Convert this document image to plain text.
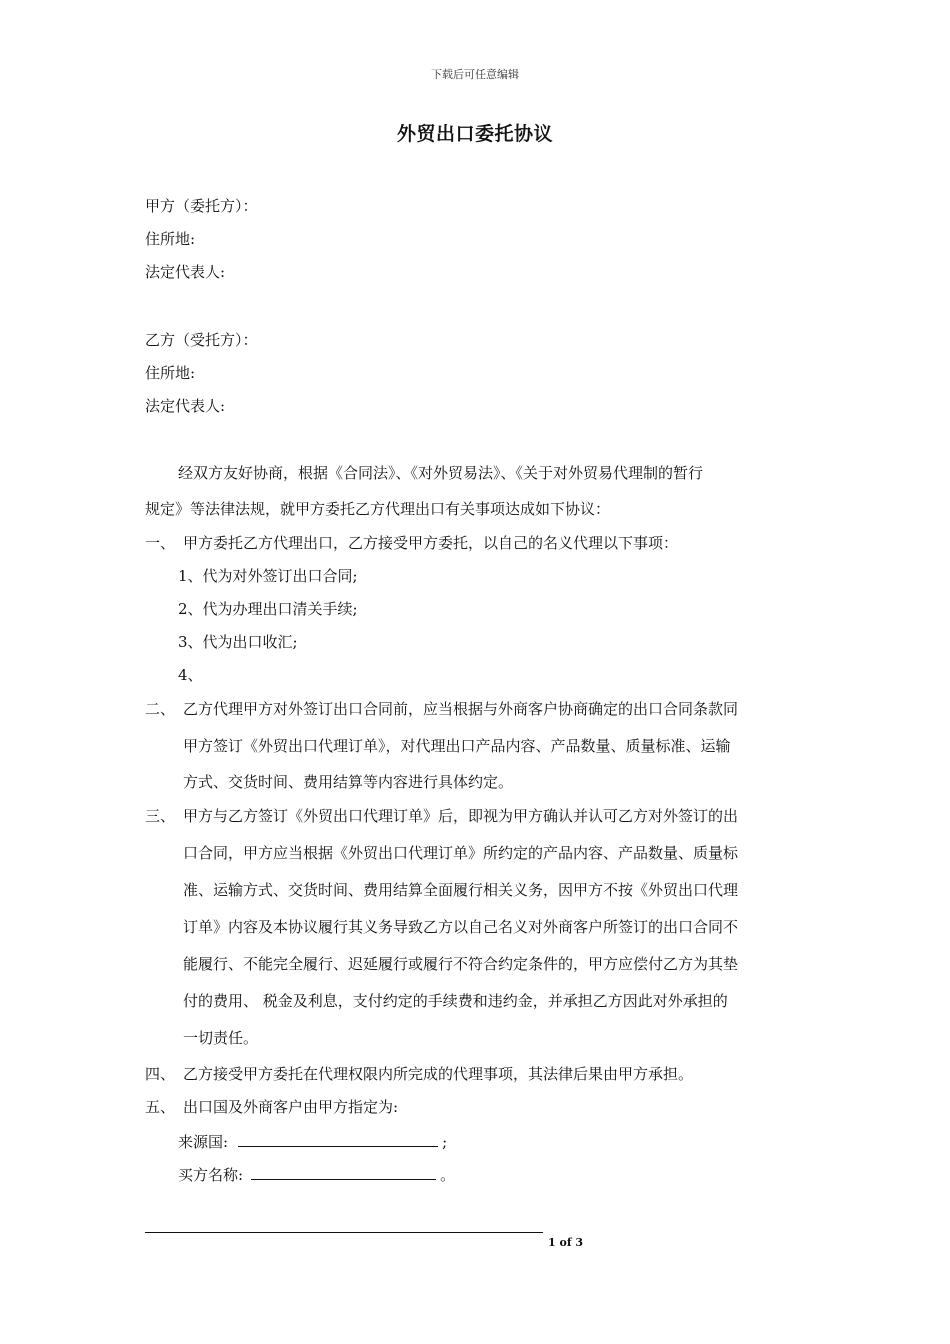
下载后可任意编辑
外贸出口委托协议
甲方（委托方）：
住所地:
法定代表人:
乙方（受托方）：
住所地:
法定代表人:
经双方友好协商，根据《合同法》、《对外贸易法》、《关于对外贸易代理制的暂行
规定》等法律法规，就甲方委托乙方代理出口有关事项达成如下协议：
一、 甲方委托乙方代理出口，乙方接受甲方委托，以自己的名义代理以下事项：
1、代为对外签订出口合同;
2、代为办理出口清关手续;
3、代为出口收汇;
4、
二、 乙方代理甲方对外签订出口合同前，应当根据与外商客户协商确定的出口合同条款同
甲方签订《外贸出口代理订单》，对代理出口产品内容、产品数量、质量标准、运输
方式、交货时间、费用结算等内容进行具体约定。
三、 甲方与乙方签订《外贸出口代理订单》后，即视为甲方确认并认可乙方对外签订的出
口合同，甲方应当根据《外贸出口代理订单》所约定的产品内容、产品数量、质量标
准、运输方式、交货时间、费用结算全面履行相关义务，因甲方不按《外贸出口代理
订单》内容及本协议履行其义务导致乙方以自己名义对外商客户所签订的出口合同不
能履行、不能完全履行、迟延履行或履行不符合约定条件的，甲方应偿付乙方为其垫
付的费用、 税金及利息，支付约定的手续费和违约金，并承担乙方因此对外承担的
一切责任。
四、 乙方接受甲方委托在代理权限内所完成的代理事项，其法律后果由甲方承担。
五、 出口国及外商客户由甲方指定为:
来源国:	;
买方名称:	。
1 of 3
